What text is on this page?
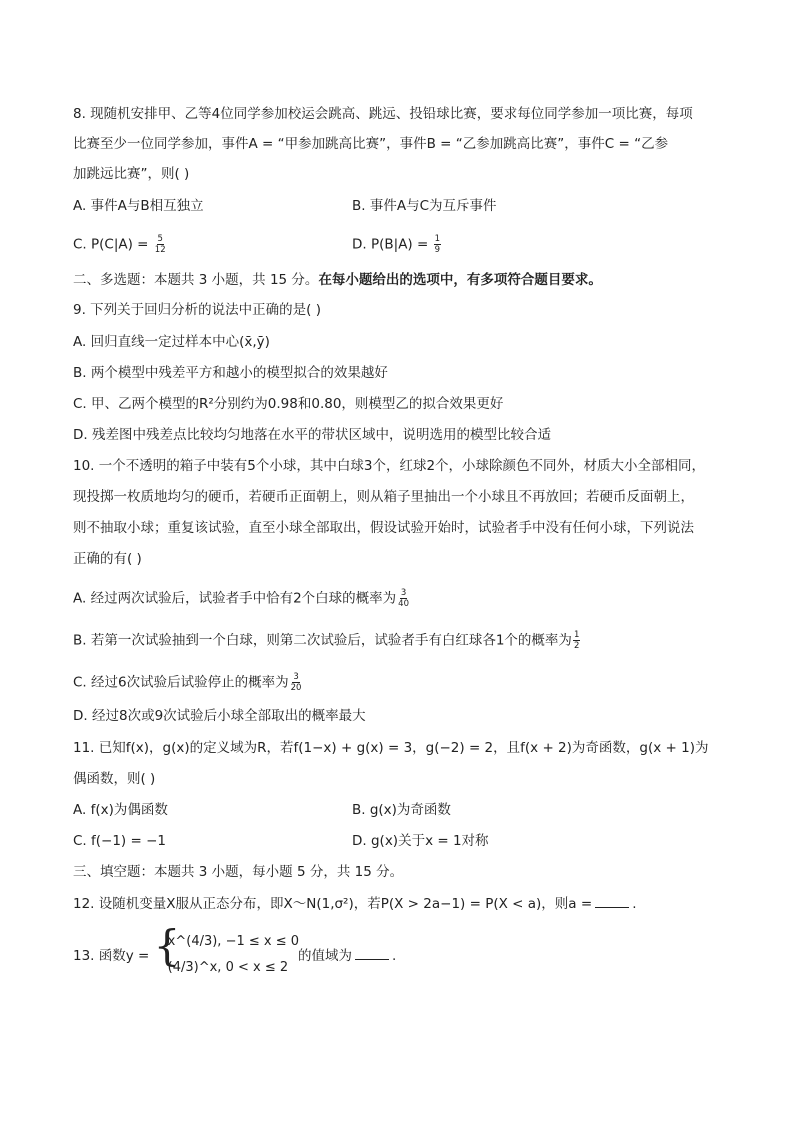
8. 现随机安排甲、乙等4位同学参加校运会跳高、跳远、投铅球比赛，要求每位同学参加一项比赛，每项
比赛至少一位同学参加，事件A = “甲参加跳高比赛”，事件B = “乙参加跳高比赛”，事件C = “乙参
加跳远比赛”，则( )
A. 事件A与B相互独立	B. 事件A与C为互斥事件
C. $P(C|A) = \frac{5}{12}$	D. $P(B|A) = \frac{1}{9}$
二、多选题：本题共 3 小题，共 15 分。在每小题给出的选项中，有多项符合题目要求。
9. 下列关于回归分析的说法中正确的是( )
A. 回归直线一定过样本中心(x̄,ȳ)
B. 两个模型中残差平方和越小的模型拟合的效果越好
C. 甲、乙两个模型的R²分别约为0.98和0.80，则模型乙的拟合效果更好
D. 残差图中残差点比较均匀地落在水平的带状区域中，说明选用的模型比较合适
10. 一个不透明的箱子中装有5个小球，其中白球3个，红球2个，小球除颜色不同外，材质大小全部相同，
现投掷一枚质地均匀的硬币，若硬币正面朝上，则从箱子里抽出一个小球且不再放回；若硬币反面朝上，
则不抽取小球；重复该试验，直至小球全部取出，假设试验开始时，试验者手中没有任何小球，下列说法
正确的有( )
A. 经过两次试验后，试验者手中恰有2个白球的概率为 $\frac{3}{40}$
B. 若第一次试验抽到一个白球，则第二次试验后，试验者手有白红球各1个的概率为 $\frac{1}{2}$
C. 经过6次试验后试验停止的概率为 $\frac{3}{20}$
D. 经过8次或9次试验后小球全部取出的概率最大
11. 已知f(x)，g(x)的定义域为R，若f(1−x) + g(x) = 3，g(−2) = 2，且f(x + 2)为奇函数，g(x + 1)为
偶函数，则( )
A. f(x)为偶函数	B. g(x)为奇函数
C. f(−1) = −1	D. g(x)关于x = 1对称
三、填空题：本题共 3 小题，每小题 5 分，共 15 分。
12. 设随机变量X服从正态分布，即X～N(1,σ²)，若P(X > 2a−1) = P(X < a)，则a =	.
13. 函数y = {
x^(4/3), −1 ≤ x ≤ 0
(4/3)^x, 0 < x ≤ 2
的值域为	.
